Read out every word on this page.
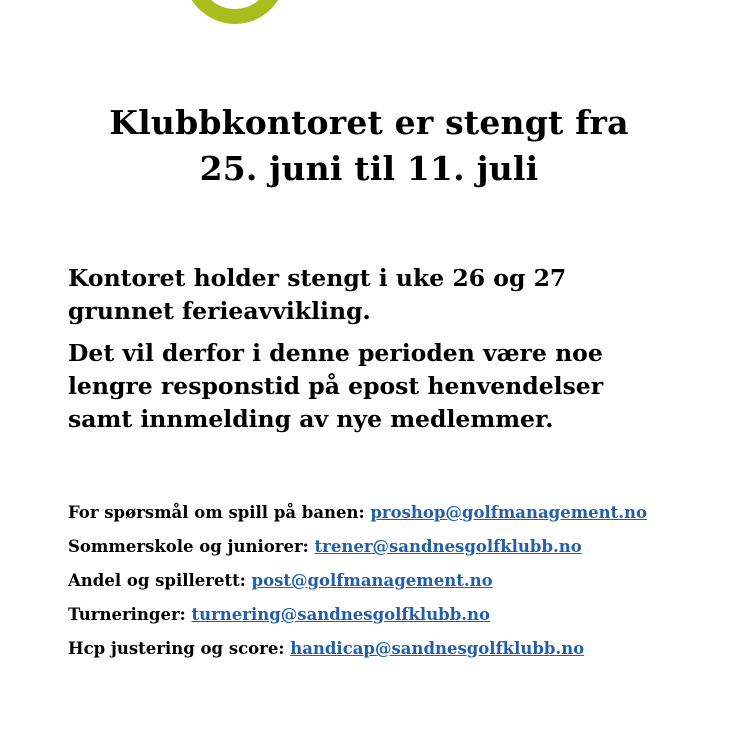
Klubbkontoret er stengt fra
25. juni til 11. juli

Kontoret holder stengt i uke 26 og 27
grunnet ferieavvikling.

Det vil derfor i denne perioden være noe
lengre responstid på epost henvendelser
samt innmelding av nye medlemmer.

For spørsmål om spill på banen: proshop@golfmanagement.no
Sommerskole og juniorer: trener@sandnesgolfklubb.no
Andel og spillerett: post@golfmanagement.no
Turneringer: turnering@sandnesgolfklubb.no
Hcp justering og score: handicap@sandnesgolfklubb.no
